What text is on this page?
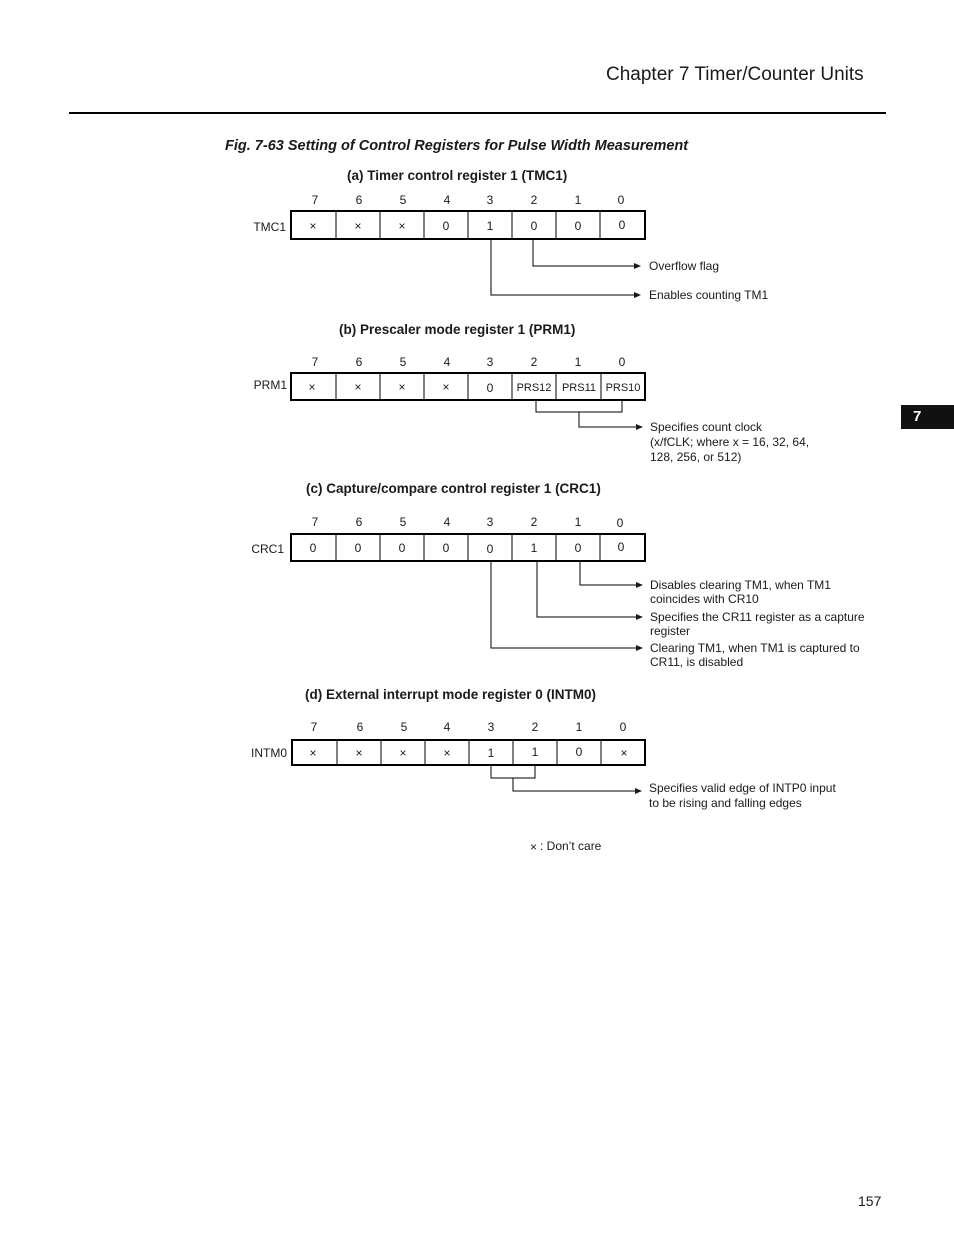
Chapter 7 Timer/Counter Units
Fig. 7-63 Setting of Control Registers for Pulse Width Measurement
7
157
(a) Timer control register 1 (TMC1)
7	6	5	4	3	2	1	0
TMC1 ×	×	×	0	1	0	0	0
Overflow flag
Enables counting TM1
(b) Prescaler mode register 1 (PRM1)
7	6	5	4	3	2	1	0
PRM1 ×	×	×	×	0 PRS12 PRS11 PRS10
Specifies count clock
(x/fCLK; where x = 16, 32, 64,
128, 256, or 512)
(c) Capture/compare control register 1 (CRC1)
7	6	5	4	3	2	1	0
CRC1 0	0	0	0	0	1	0	0
Disables clearing TM1, when TM1
coincides with CR10
Specifies the CR11 register as a capture
register
Clearing TM1, when TM1 is captured to
CR11, is disabled
(d) External interrupt mode register 0 (INTM0)
7	6	5	4	3	2	1	0
INTM0 ×	×	×	×	1	1	0	×
Specifies valid edge of INTP0 input
to be rising and falling edges
× : Don’t care
